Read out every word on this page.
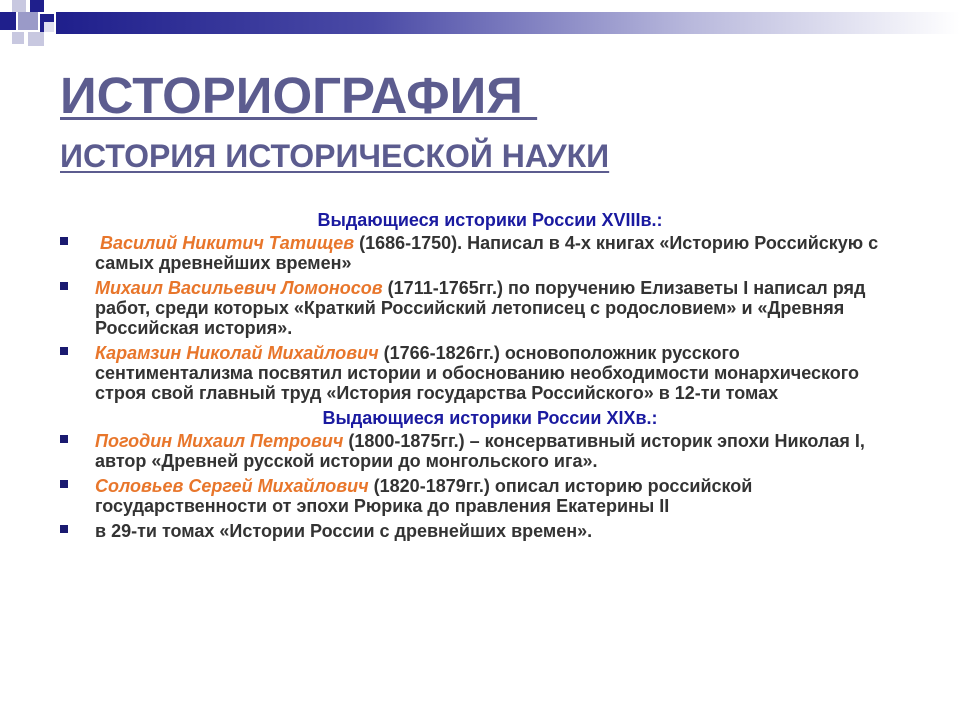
ИСТОРИОГРАФИЯ
ИСТОРИЯ ИСТОРИЧЕСКОЙ НАУКИ
Выдающиеся историки России XVIIIв.:
Василий Никитич Татищев (1686-1750). Написал в 4-х книгах «Историю Российскую с самых древнейших времен»
Михаил Васильевич Ломоносов (1711-1765гг.) по поручению Елизаветы I написал ряд работ, среди которых «Краткий Российский летописец с родословием» и «Древняя Российская история».
Карамзин Николай Михайлович (1766-1826гг.) основоположник русского сентиментализма посвятил истории и обоснованию необходимости монархического строя свой главный труд «История государства Российского» в 12-ти томах
Выдающиеся историки России XIXв.:
Погодин Михаил Петрович (1800-1875гг.) – консервативный историк эпохи Николая I, автор «Древней русской истории до монгольского ига».
Соловьев Сергей Михайлович (1820-1879гг.) описал историю российской государственности от эпохи Рюрика до правления Екатерины II
в 29-ти томах «Истории России с древнейших времен».
